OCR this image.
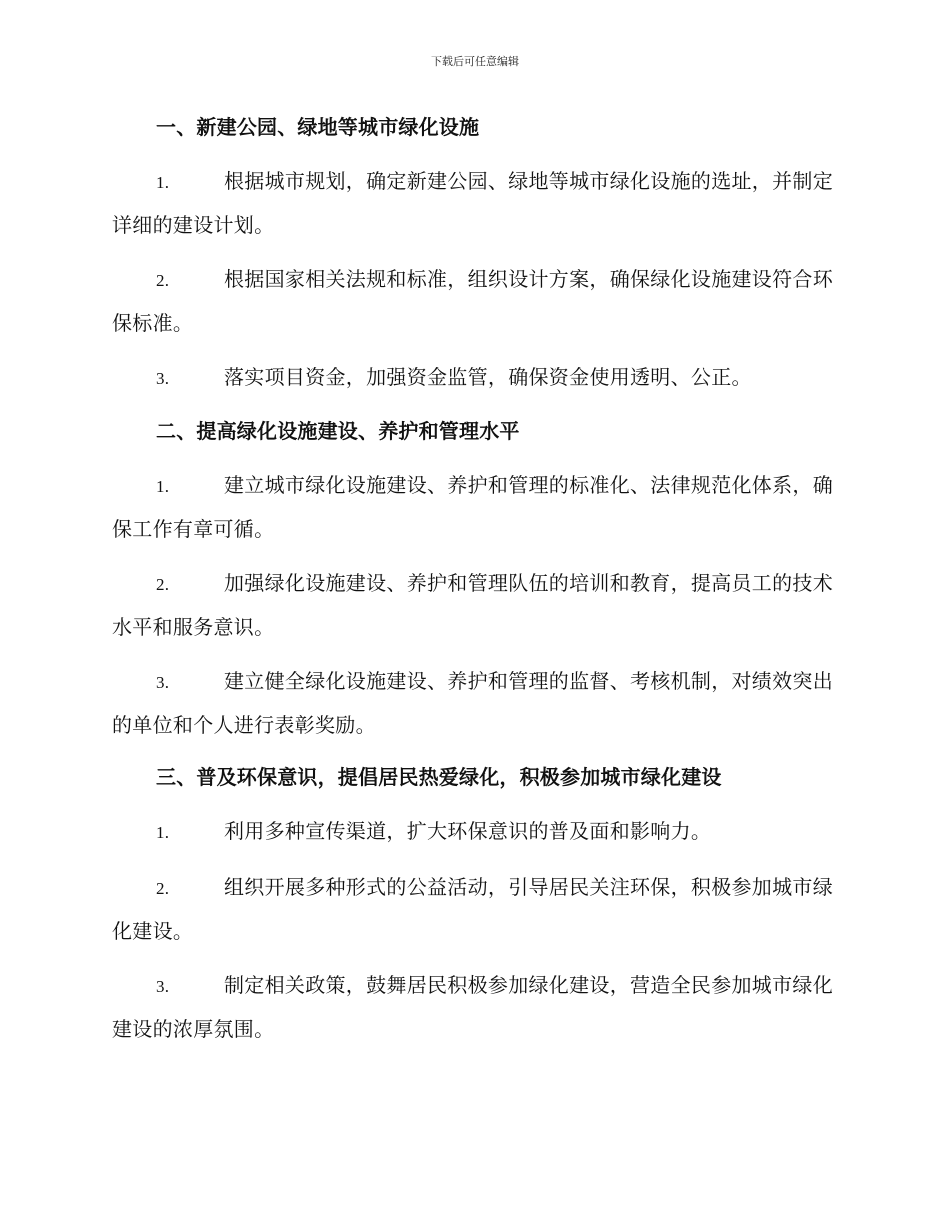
下载后可任意编辑
一、新建公园、绿地等城市绿化设施

1.	根据城市规划，确定新建公园、绿地等城市绿化设施的选址，并制定详细的建设计划。

2.	根据国家相关法规和标准，组织设计方案，确保绿化设施建设符合环保标准。

3.	落实项目资金，加强资金监管，确保资金使用透明、公正。

二、提高绿化设施建设、养护和管理水平

1.	建立城市绿化设施建设、养护和管理的标准化、法律规范化体系，确保工作有章可循。

2.	加强绿化设施建设、养护和管理队伍的培训和教育，提高员工的技术水平和服务意识。

3.	建立健全绿化设施建设、养护和管理的监督、考核机制，对绩效突出的单位和个人进行表彰奖励。

三、普及环保意识，提倡居民热爱绿化，积极参加城市绿化建设

1.	利用多种宣传渠道，扩大环保意识的普及面和影响力。

2.	组织开展多种形式的公益活动，引导居民关注环保，积极参加城市绿化建设。

3.	制定相关政策，鼓舞居民积极参加绿化建设，营造全民参加城市绿化建设的浓厚氛围。
